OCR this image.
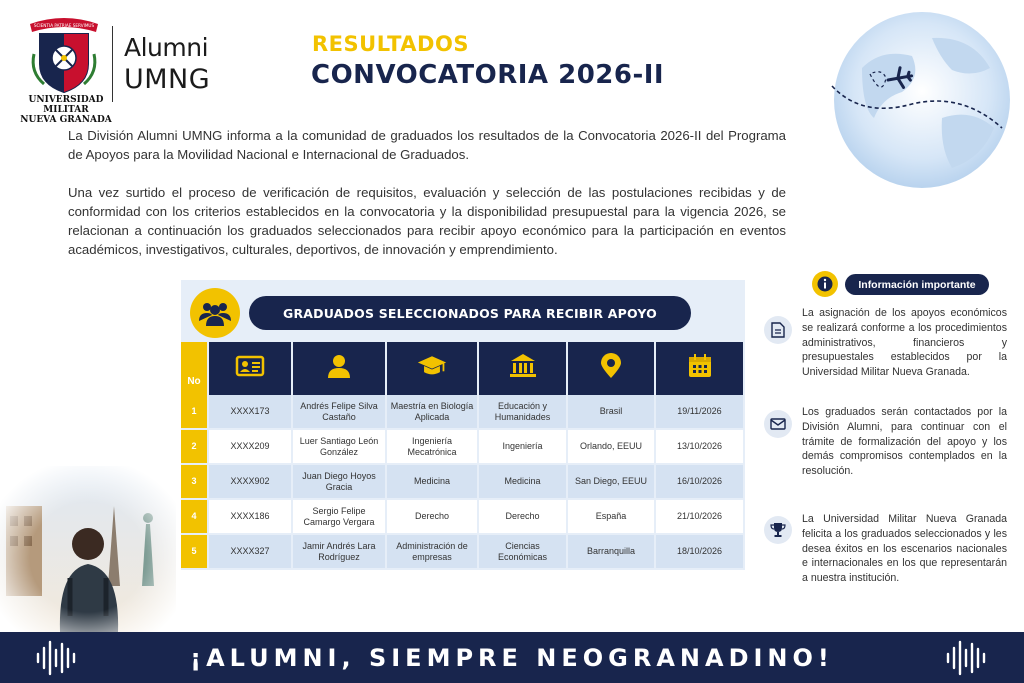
SCIENTIA PATRIAE SERVIMUS
UNIVERSIDAD MILITAR
NUEVA GRANADA
Alumni
UMNG
RESULTADOS
CONVOCATORIA 2026-II

La División Alumni UMNG informa a la comunidad de graduados los resultados de la Convocatoria 2026-II del Programa de Apoyos para la Movilidad Nacional e Internacional de Graduados.

Una vez surtido el proceso de verificación de requisitos, evaluación y selección de las postulaciones recibidas y de conformidad con los criterios establecidos en la convocatoria y la disponibilidad presupuestal para la vigencia 2026, se relacionan a continuación los graduados seleccionados para recibir apoyo económico para la participación en eventos académicos, investigativos, culturales, deportivos, de innovación y emprendimiento.

GRADUADOS SELECCIONADOS PARA RECIBIR APOYO
No						
1	XXXX173	Andrés Felipe Silva Castaño	Maestría en Biología Aplicada	Educación y Humanidades	Brasil	19/11/2026
2	XXXX209	Luer Santiago León González	Ingeniería Mecatrónica	Ingeniería	Orlando, EEUU	13/10/2026
3	XXXX902	Juan Diego Hoyos Gracia	Medicina	Medicina	San Diego, EEUU	16/10/2026
4	XXXX186	Sergio Felipe Camargo Vergara	Derecho	Derecho	España	21/10/2026
5	XXXX327	Jamir Andrés Lara Rodríguez	Administración de empresas	Ciencias Económicas	Barranquilla	18/10/2026
Información importante
La asignación de los apoyos económicos se realizará conforme a los procedimientos administrativos, financieros y presupuestales establecidos por la Universidad Militar Nueva Granada.
Los graduados serán contactados por la División Alumni, para continuar con el trámite de formalización del apoyo y los demás compromisos contemplados en la resolución.
La Universidad Militar Nueva Granada felicita a los graduados seleccionados y les desea éxitos en los escenarios nacionales e internacionales en los que representarán a nuestra institución.
¡ALUMNI, SIEMPRE NEOGRANADINO!
